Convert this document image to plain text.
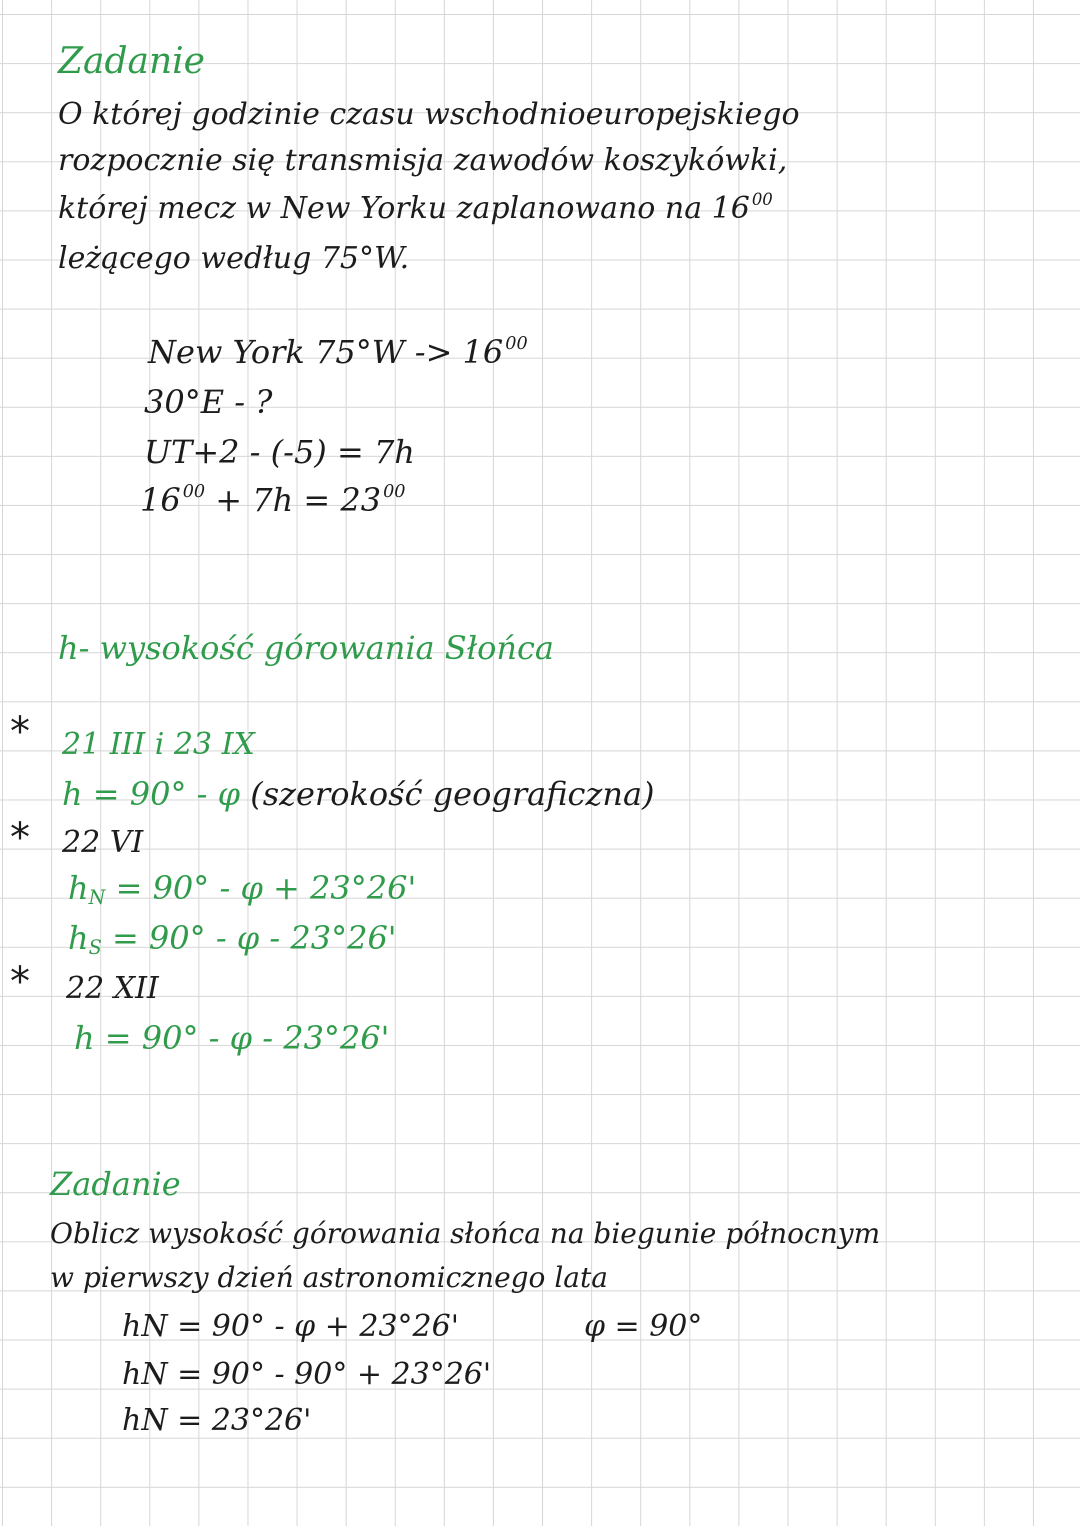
Zadanie
O której godzinie czasu wschodnioeuropejskiego
rozpocznie się transmisja zawodów koszykówki,
której mecz w New Yorku zaplanowano na 16 $^{00}$
leżącego według 75°W.
New York 75°W -> 16 $^{00}$
30°E - ?
UT+2 - (-5) = 7h
16 $^{00}$ + 7h = 23 $^{00}$
h- wysokość górowania Słońca
* 21 III i 23 IX
h = 90° - φ (szerokość geograficzna)
* 22 VI
hN = 90° - φ + 23°26'
hS = 90° - φ - 23°26'
* 22 XII
h = 90° - φ - 23°26'
Zadanie
Oblicz wysokość górowania słońca na biegunie północnym
w pierwszy dzień astronomicznego lata
hN = 90° - φ + 23°26'	φ = 90°
hN = 90° - 90° + 23°26'
hN = 23°26'
